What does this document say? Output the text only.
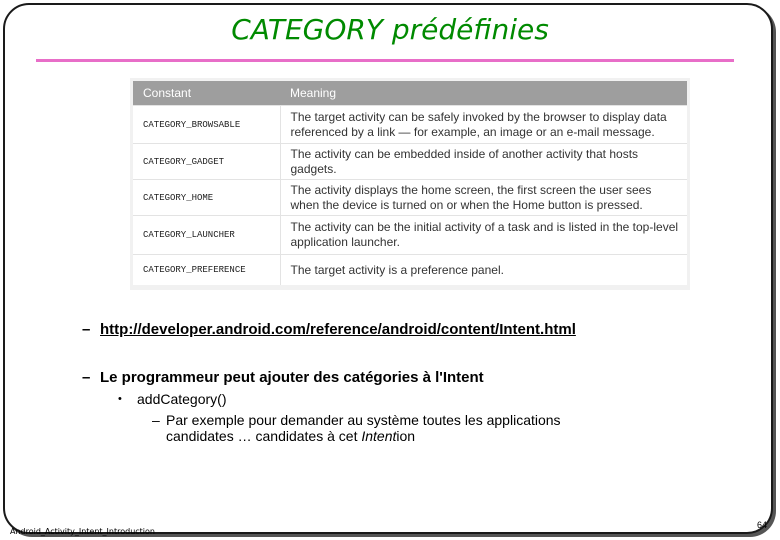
CATEGORY prédéfinies
Constant	Meaning
CATEGORY_BROWSABLE	The target activity can be safely invoked by the browser to display data referenced by a link — for example, an image or an e-mail message.
CATEGORY_GADGET	The activity can be embedded inside of another activity that hosts gadgets.
CATEGORY_HOME	The activity displays the home screen, the first screen the user sees when the device is turned on or when the Home button is pressed.
CATEGORY_LAUNCHER	The activity can be the initial activity of a task and is listed in the top-level application launcher.
CATEGORY_PREFERENCE	The target activity is a preference panel.
– http://developer.android.com/reference/android/content/Intent.html
– Le programmeur peut ajouter des catégories à l'Intent
• addCategory()
– Par exemple pour demander au système toutes les applications
candidates … candidates à cet Intention
Android_Activity_Intent_Introduction
64
